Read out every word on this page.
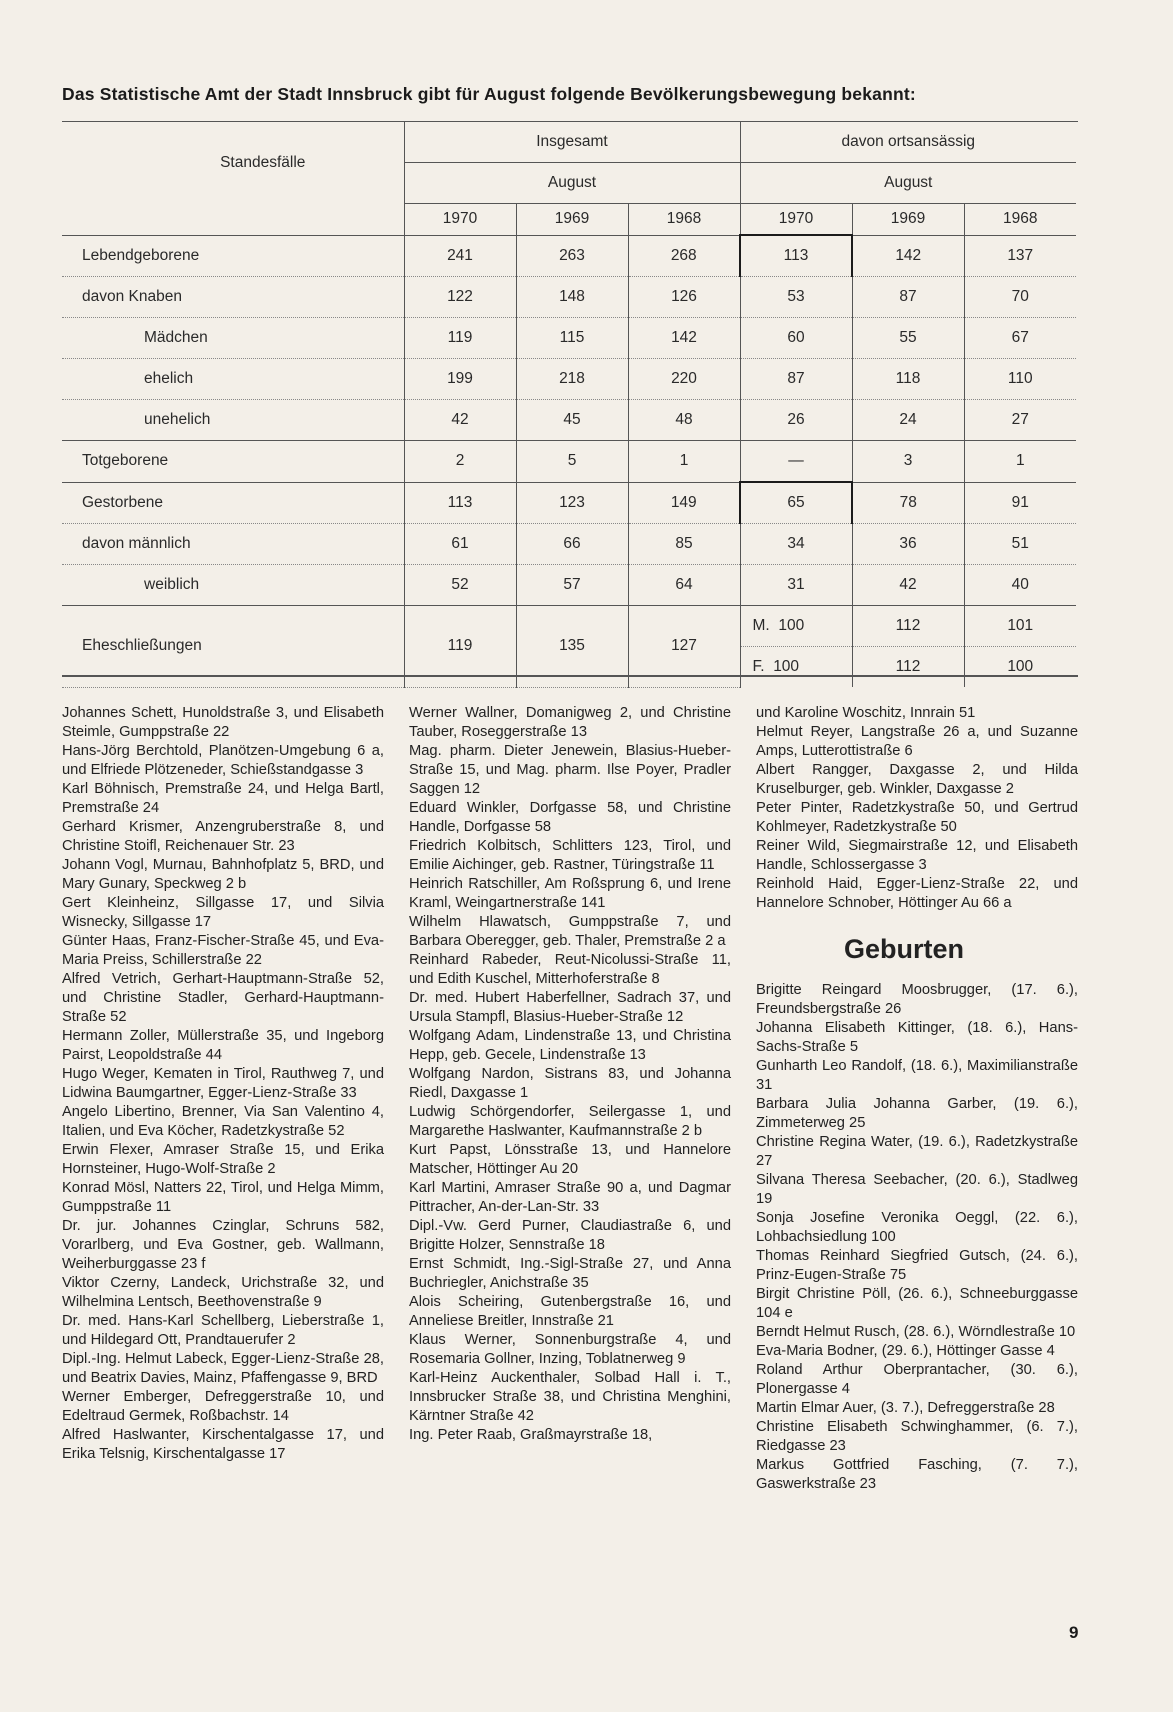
Das Statistische Amt der Stadt Innsbruck gibt für August folgende Bevölkerungsbewegung bekannt:
Standesfälle	Insgesamt			davon ortsansässig		
	August			August		
	1970	1969	1968	1970	1969	1968
Lebendgeborene	241	263	268	113	142	137
davon Knaben	122	148	126	53	87	70
Mädchen	119	115	142	60	55	67
ehelich	199	218	220	87	118	110
unehelich	42	45	48	26	24	27
Totgeborene	2	5	1	—	3	1
Gestorbene	113	123	149	65	78	91
davon männlich	61	66	85	34	36	51
weiblich	52	57	64	31	42	40
Eheschließungen	119	135	127	M. 100	112	101
				F. 100	112	100

Johannes Schett, Hunoldstraße 3, und Elisabeth Steimle, Gumppstraße 22

Hans-Jörg Berchtold, Planötzen-Umgebung 6 a, und Elfriede Plötzeneder, Schießstandgasse 3

Karl Böhnisch, Premstraße 24, und Helga Bartl, Premstraße 24

Gerhard Krismer, Anzengruberstraße 8, und Christine Stoifl, Reichenauer Str. 23

Johann Vogl, Murnau, Bahnhofplatz 5, BRD, und Mary Gunary, Speckweg 2 b

Gert Kleinheinz, Sillgasse 17, und Silvia Wisnecky, Sillgasse 17

Günter Haas, Franz-Fischer-Straße 45, und Eva-Maria Preiss, Schillerstraße 22

Alfred Vetrich, Gerhart-Hauptmann-Straße 52, und Christine Stadler, Gerhard-Hauptmann-Straße 52

Hermann Zoller, Müllerstraße 35, und Ingeborg Pairst, Leopoldstraße 44

Hugo Weger, Kematen in Tirol, Rauthweg 7, und Lidwina Baumgartner, Egger-Lienz-Straße 33

Angelo Libertino, Brenner, Via San Valentino 4, Italien, und Eva Köcher, Radetzkystraße 52

Erwin Flexer, Amraser Straße 15, und Erika Hornsteiner, Hugo-Wolf-Straße 2

Konrad Mösl, Natters 22, Tirol, und Helga Mimm, Gumppstraße 11

Dr. jur. Johannes Czinglar, Schruns 582, Vorarlberg, und Eva Gostner, geb. Wallmann, Weiherburggasse 23 f

Viktor Czerny, Landeck, Urichstraße 32, und Wilhelmina Lentsch, Beethovenstraße 9

Dr. med. Hans-Karl Schellberg, Lieberstraße 1, und Hildegard Ott, Prandtauerufer 2

Dipl.-Ing. Helmut Labeck, Egger-Lienz-Straße 28, und Beatrix Davies, Mainz, Pfaffengasse 9, BRD

Werner Emberger, Defreggerstraße 10, und Edeltraud Germek, Roßbachstr. 14

Alfred Haslwanter, Kirschentalgasse 17, und Erika Telsnig, Kirschentalgasse 17

Werner Wallner, Domanigweg 2, und Christine Tauber, Roseggerstraße 13

Mag. pharm. Dieter Jenewein, Blasius-Hueber-Straße 15, und Mag. pharm. Ilse Poyer, Pradler Saggen 12

Eduard Winkler, Dorfgasse 58, und Christine Handle, Dorfgasse 58

Friedrich Kolbitsch, Schlitters 123, Tirol, und Emilie Aichinger, geb. Rastner, Türingstraße 11

Heinrich Ratschiller, Am Roßsprung 6, und Irene Kraml, Weingartnerstraße 141

Wilhelm Hlawatsch, Gumppstraße 7, und Barbara Oberegger, geb. Thaler, Premstraße 2 a

Reinhard Rabeder, Reut-Nicolussi-Straße 11, und Edith Kuschel, Mitterhoferstraße 8

Dr. med. Hubert Haberfellner, Sadrach 37, und Ursula Stampfl, Blasius-Hueber-Straße 12

Wolfgang Adam, Lindenstraße 13, und Christina Hepp, geb. Gecele, Lindenstraße 13

Wolfgang Nardon, Sistrans 83, und Johanna Riedl, Daxgasse 1

Ludwig Schörgendorfer, Seilergasse 1, und Margarethe Haslwanter, Kaufmannstraße 2 b

Kurt Papst, Lönsstraße 13, und Hannelore Matscher, Höttinger Au 20

Karl Martini, Amraser Straße 90 a, und Dagmar Pittracher, An-der-Lan-Str. 33

Dipl.-Vw. Gerd Purner, Claudiastraße 6, und Brigitte Holzer, Sennstraße 18

Ernst Schmidt, Ing.-Sigl-Straße 27, und Anna Buchriegler, Anichstraße 35

Alois Scheiring, Gutenbergstraße 16, und Anneliese Breitler, Innstraße 21

Klaus Werner, Sonnenburgstraße 4, und Rosemaria Gollner, Inzing, Toblatnerweg 9

Karl-Heinz Auckenthaler, Solbad Hall i. T., Innsbrucker Straße 38, und Christina Menghini, Kärntner Straße 42

Ing. Peter Raab, Graßmayrstraße 18,

und Karoline Woschitz, Innrain 51

Helmut Reyer, Langstraße 26 a, und Suzanne Amps, Lutterottistraße 6

Albert Rangger, Daxgasse 2, und Hilda Kruselburger, geb. Winkler, Daxgasse 2

Peter Pinter, Radetzkystraße 50, und Gertrud Kohlmeyer, Radetzkystraße 50

Reiner Wild, Siegmairstraße 12, und Elisabeth Handle, Schlossergasse 3

Reinhold Haid, Egger-Lienz-Straße 22, und Hannelore Schnober, Höttinger Au 66 a

Geburten

Brigitte Reingard Moosbrugger, (17. 6.), Freundsbergstraße 26

Johanna Elisabeth Kittinger, (18. 6.), Hans-Sachs-Straße 5

Gunharth Leo Randolf, (18. 6.), Maximilianstraße 31

Barbara Julia Johanna Garber, (19. 6.), Zimmeterweg 25

Christine Regina Water, (19. 6.), Radetzkystraße 27

Silvana Theresa Seebacher, (20. 6.), Stadlweg 19

Sonja Josefine Veronika Oeggl, (22. 6.), Lohbachsiedlung 100

Thomas Reinhard Siegfried Gutsch, (24. 6.), Prinz-Eugen-Straße 75

Birgit Christine Pöll, (26. 6.), Schneeburggasse 104 e

Berndt Helmut Rusch, (28. 6.), Wörndlestraße 10

Eva-Maria Bodner, (29. 6.), Höttinger Gasse 4

Roland Arthur Oberprantacher, (30. 6.), Plonergasse 4

Martin Elmar Auer, (3. 7.), Defreggerstraße 28

Christine Elisabeth Schwinghammer, (6. 7.), Riedgasse 23

Markus Gottfried Fasching, (7. 7.), Gaswerkstraße 23

9
